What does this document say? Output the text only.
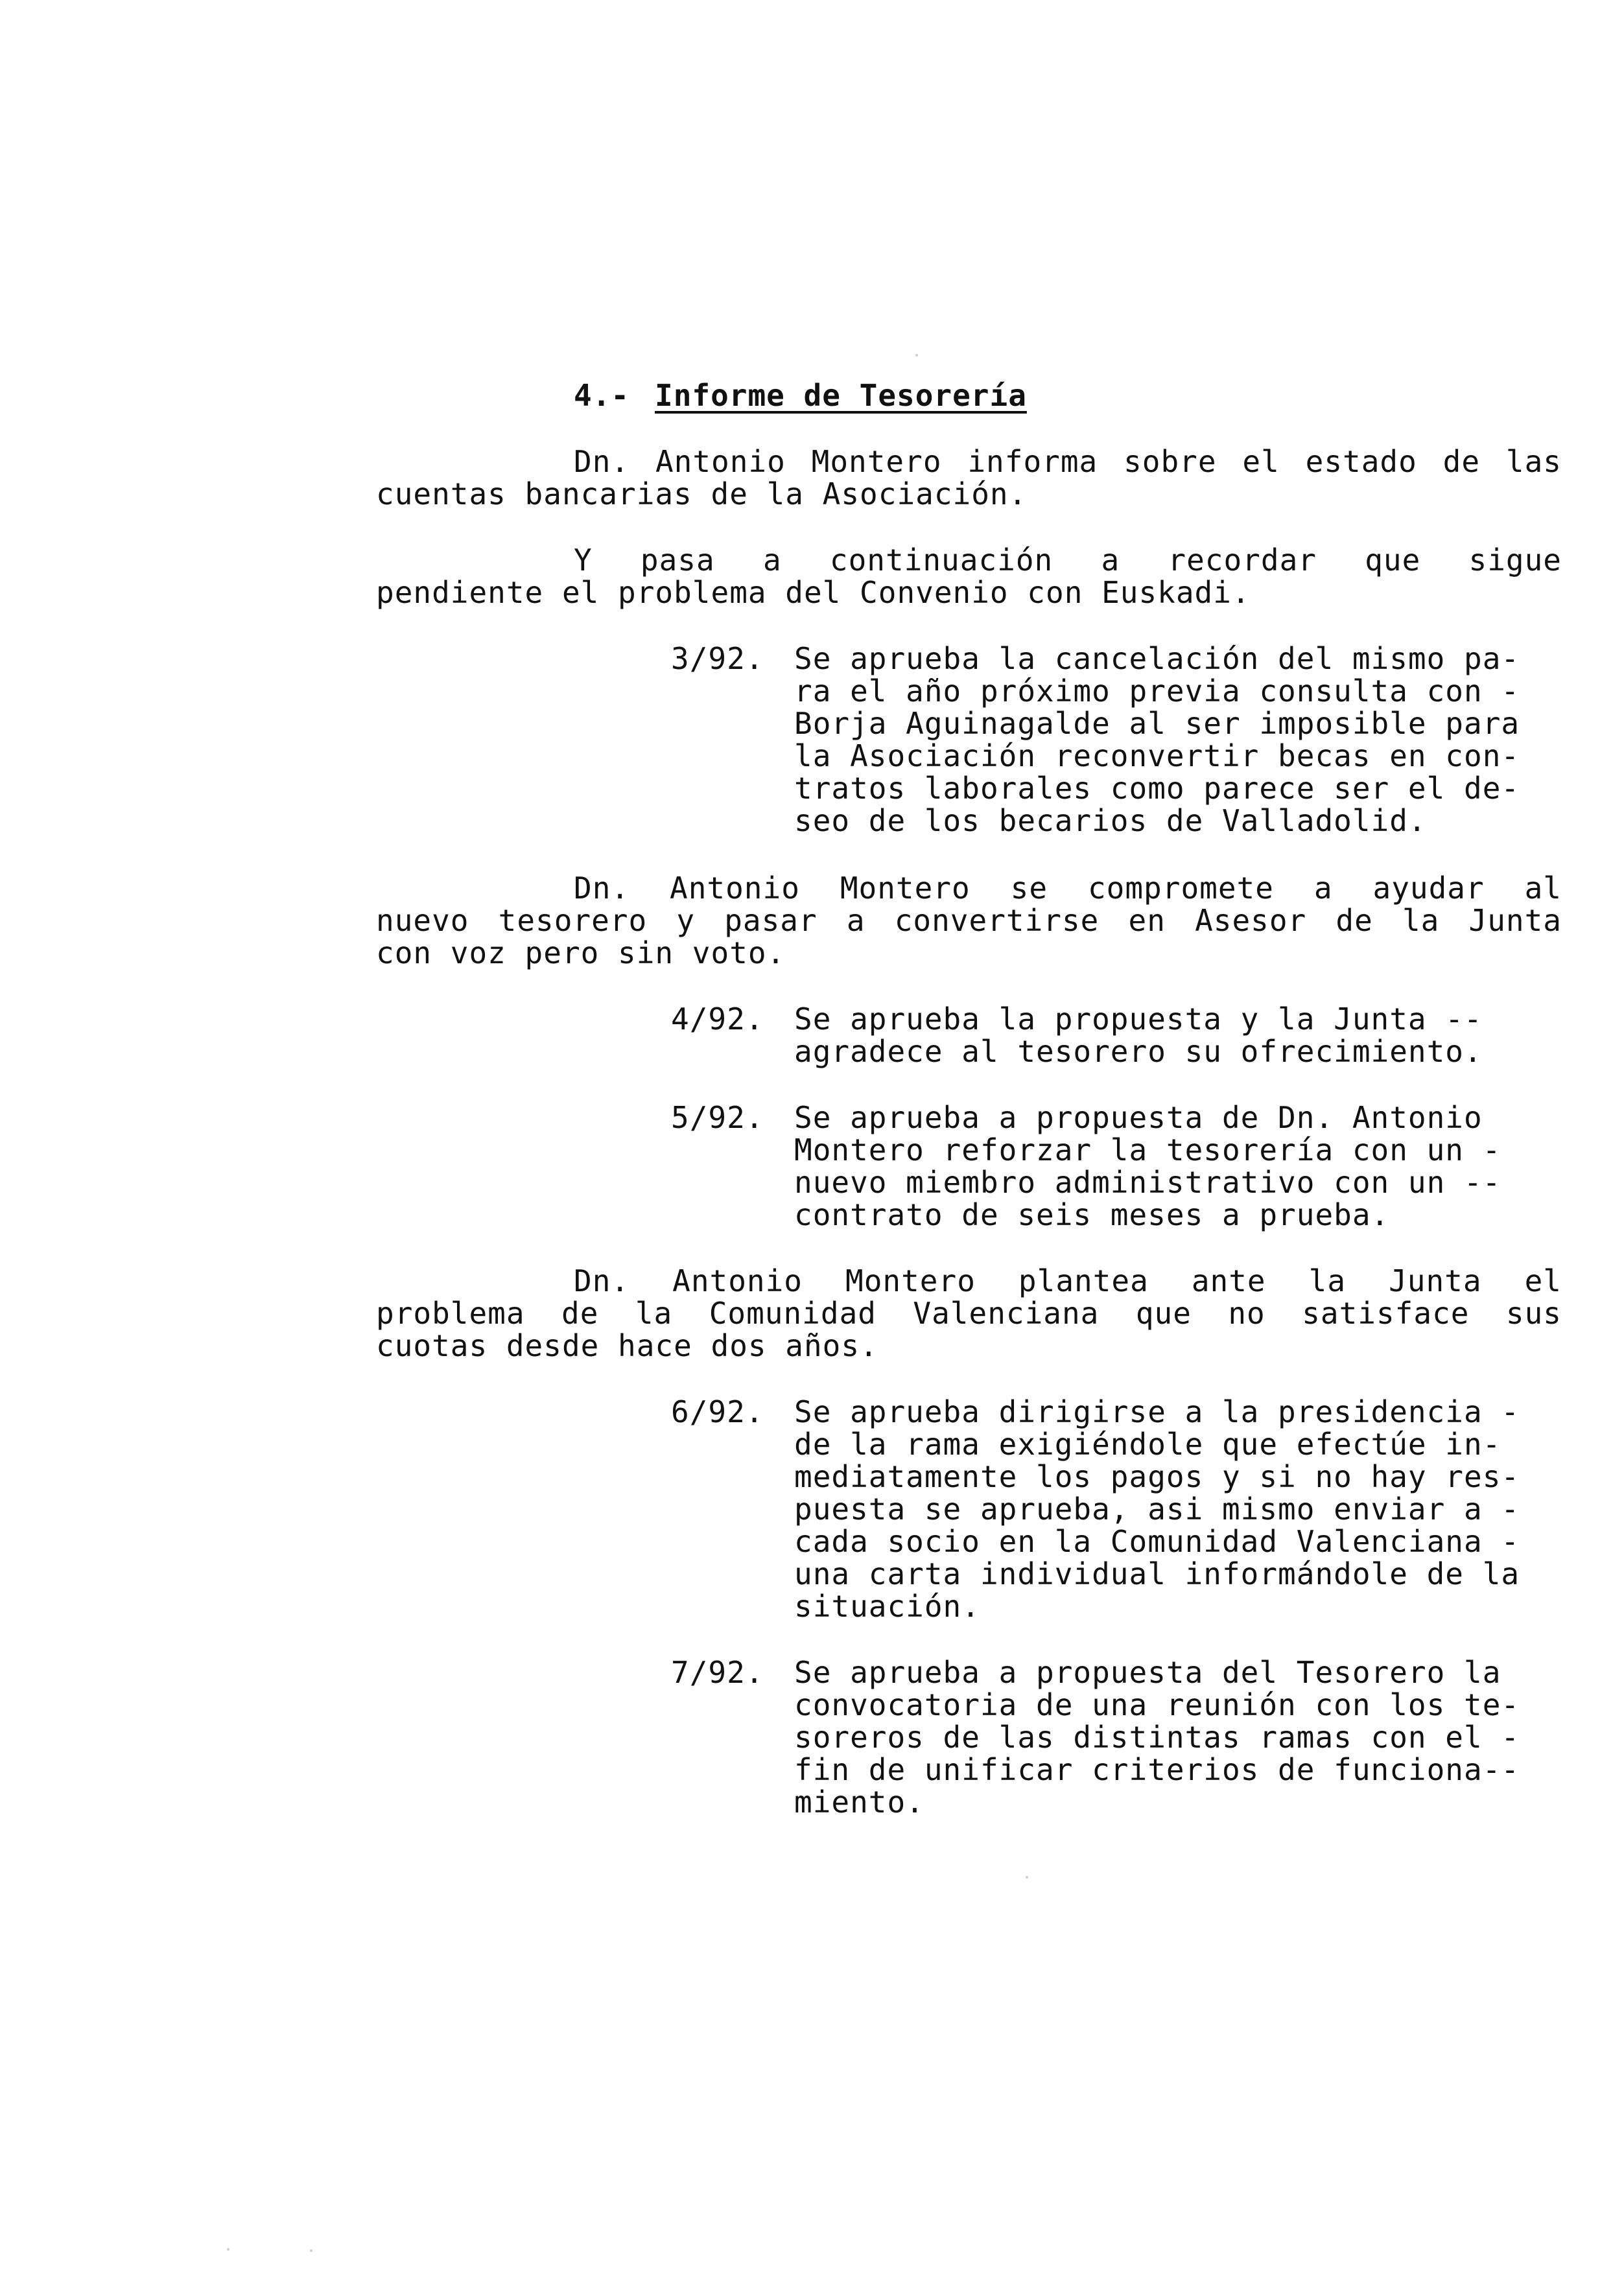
4.- Informe de Tesorería
Dn. Antonio Montero informa sobre el estado de las
cuentas bancarias de la Asociación.
Y pasa a continuación a recordar que sigue
pendiente el problema del Convenio con Euskadi.
3/92. Se aprueba la cancelación del mismo pa-
ra el año próximo previa consulta con -
Borja Aguinagalde al ser imposible para
la Asociación reconvertir becas en con-
tratos laborales como parece ser el de-
seo de los becarios de Valladolid.
Dn. Antonio Montero se compromete a ayudar al
nuevo tesorero y pasar a convertirse en Asesor de la Junta
con voz pero sin voto.
4/92. Se aprueba la propuesta y la Junta --
agradece al tesorero su ofrecimiento.
5/92. Se aprueba a propuesta de Dn. Antonio
Montero reforzar la tesorería con un -
nuevo miembro administrativo con un --
contrato de seis meses a prueba.
Dn. Antonio Montero plantea ante la Junta el
problema de la Comunidad Valenciana que no satisface sus
cuotas desde hace dos años.
6/92. Se aprueba dirigirse a la presidencia -
de la rama exigiéndole que efectúe in-
mediatamente los pagos y si no hay res-
puesta se aprueba, asi mismo enviar a -
cada socio en la Comunidad Valenciana -
una carta individual informándole de la
situación.
7/92. Se aprueba a propuesta del Tesorero la
convocatoria de una reunión con los te-
soreros de las distintas ramas con el -
fin de unificar criterios de funciona--
miento.
